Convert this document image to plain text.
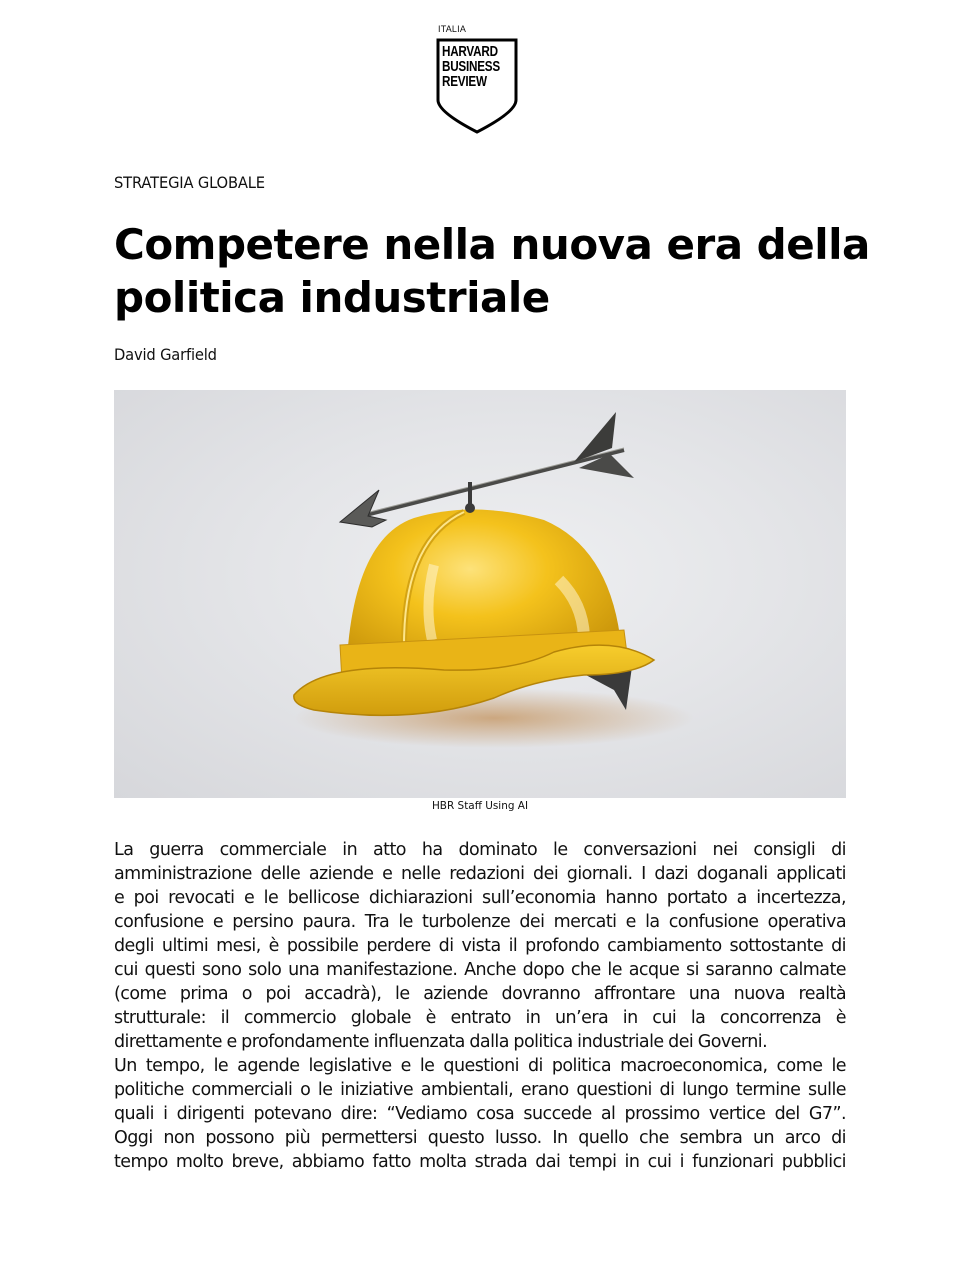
ITALIA
HARVARD
BUSINESS
REVIEW
STRATEGIA GLOBALE
Competere nella nuova era della
politica industriale
David Garfield
HBR Staff Using AI
La guerra commerciale in atto ha dominato le conversazioni nei consigli di
amministrazione delle aziende e nelle redazioni dei giornali. I dazi doganali applicati
e poi revocati e le bellicose dichiarazioni sull’economia hanno portato a incertezza,
confusione e persino paura. Tra le turbolenze dei mercati e la confusione operativa
degli ultimi mesi, è possibile perdere di vista il profondo cambiamento sottostante di
cui questi sono solo una manifestazione. Anche dopo che le acque si saranno calmate
(come prima o poi accadrà), le aziende dovranno affrontare una nuova realtà
strutturale: il commercio globale è entrato in un’era in cui la concorrenza è
direttamente e profondamente influenzata dalla politica industriale dei Governi.
Un tempo, le agende legislative e le questioni di politica macroeconomica, come le
politiche commerciali o le iniziative ambientali, erano questioni di lungo termine sulle
quali i dirigenti potevano dire: “Vediamo cosa succede al prossimo vertice del G7”.
Oggi non possono più permettersi questo lusso. In quello che sembra un arco di
tempo molto breve, abbiamo fatto molta strada dai tempi in cui i funzionari pubblici
